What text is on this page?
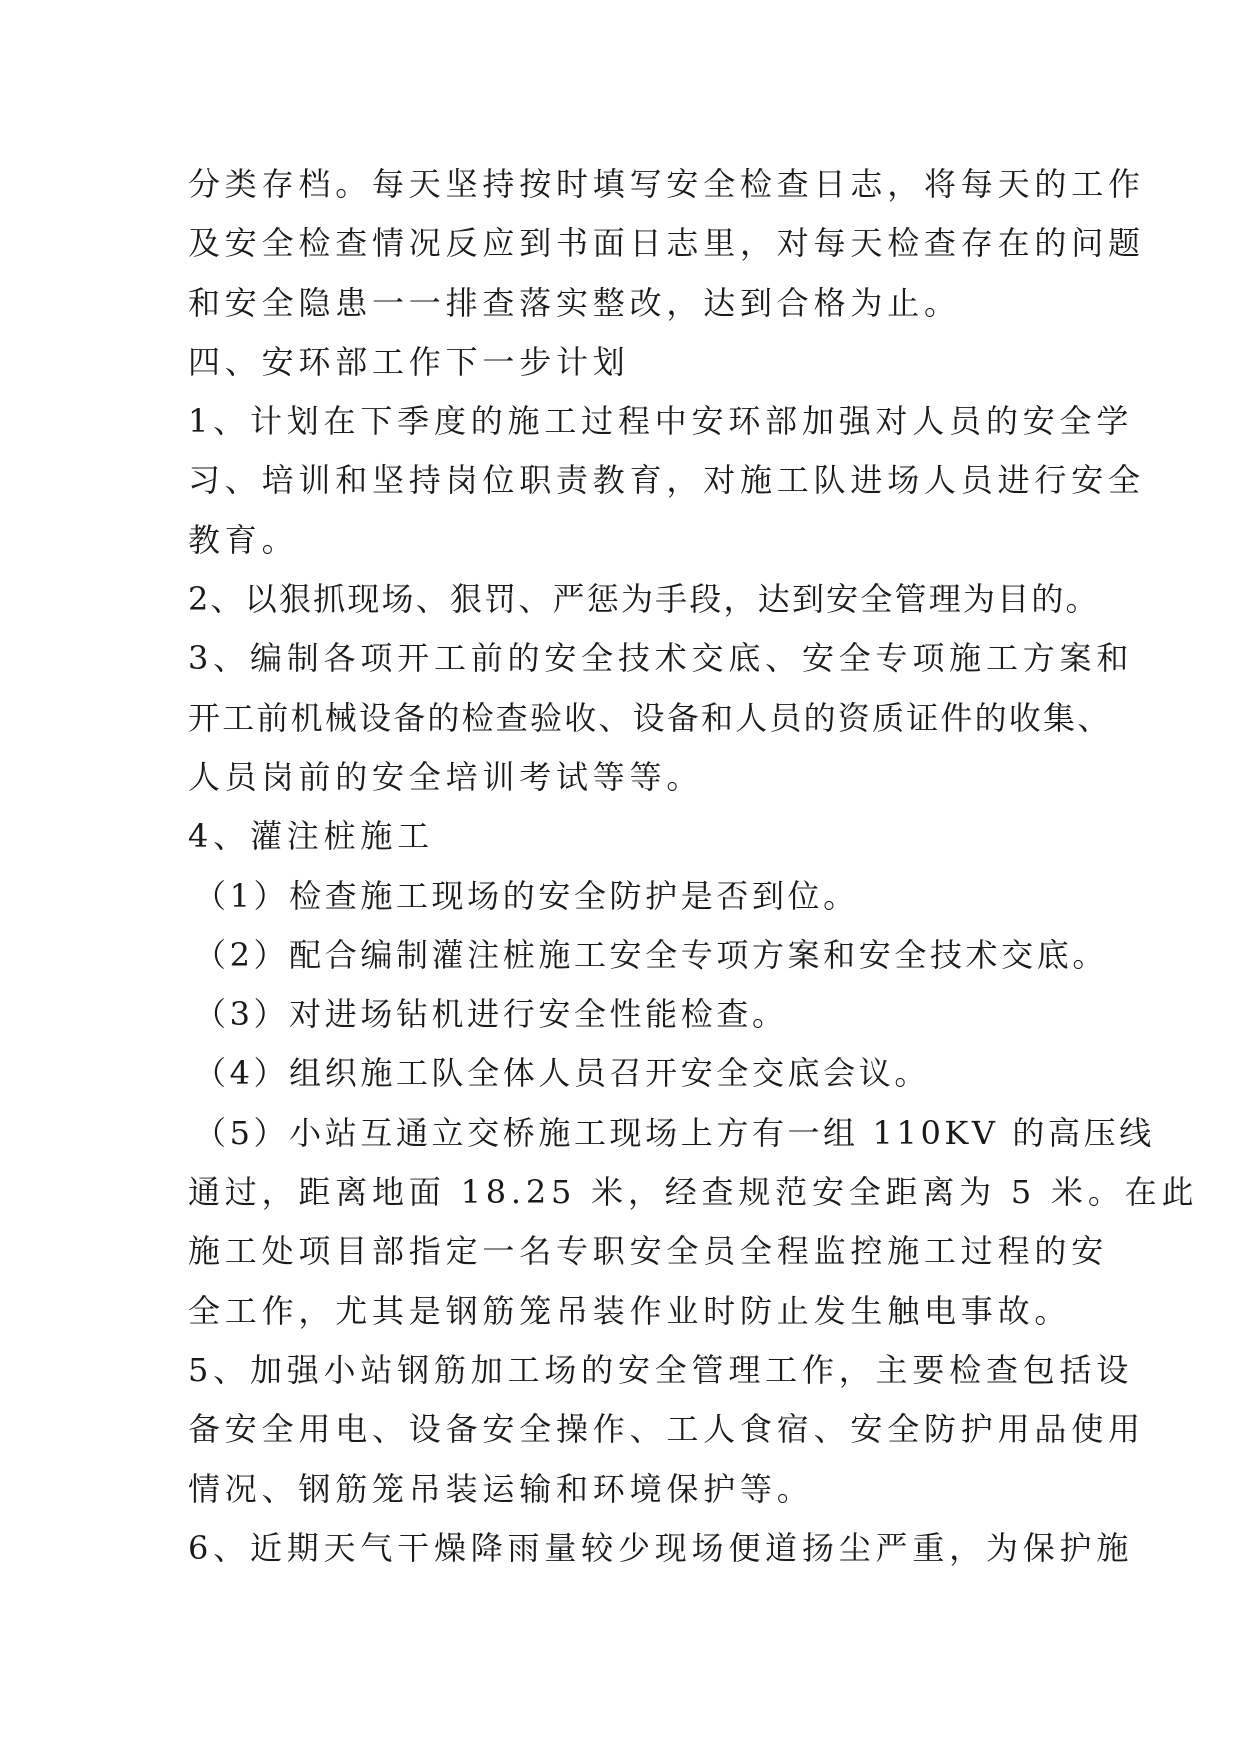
分类存档。每天坚持按时填写安全检查日志，将每天的工作
及安全检查情况反应到书面日志里，对每天检查存在的问题
和安全隐患一一排查落实整改，达到合格为止。
四、安环部工作下一步计划
1、计划在下季度的施工过程中安环部加强对人员的安全学
习、培训和坚持岗位职责教育，对施工队进场人员进行安全
教育。
2、以狠抓现场、狠罚、严惩为手段，达到安全管理为目的。
3、编制各项开工前的安全技术交底、安全专项施工方案和
开工前机械设备的检查验收、设备和人员的资质证件的收集、
人员岗前的安全培训考试等等。
4、灌注桩施工
（1）检查施工现场的安全防护是否到位。
（2）配合编制灌注桩施工安全专项方案和安全技术交底。
（3）对进场钻机进行安全性能检查。
（4）组织施工队全体人员召开安全交底会议。
（5）小站互通立交桥施工现场上方有一组 110KV 的高压线
通过，距离地面 18.25 米，经查规范安全距离为 5 米。在此
施工处项目部指定一名专职安全员全程监控施工过程的安
全工作，尤其是钢筋笼吊装作业时防止发生触电事故。
5、加强小站钢筋加工场的安全管理工作，主要检查包括设
备安全用电、设备安全操作、工人食宿、安全防护用品使用
情况、钢筋笼吊装运输和环境保护等。
6、近期天气干燥降雨量较少现场便道扬尘严重，为保护施
